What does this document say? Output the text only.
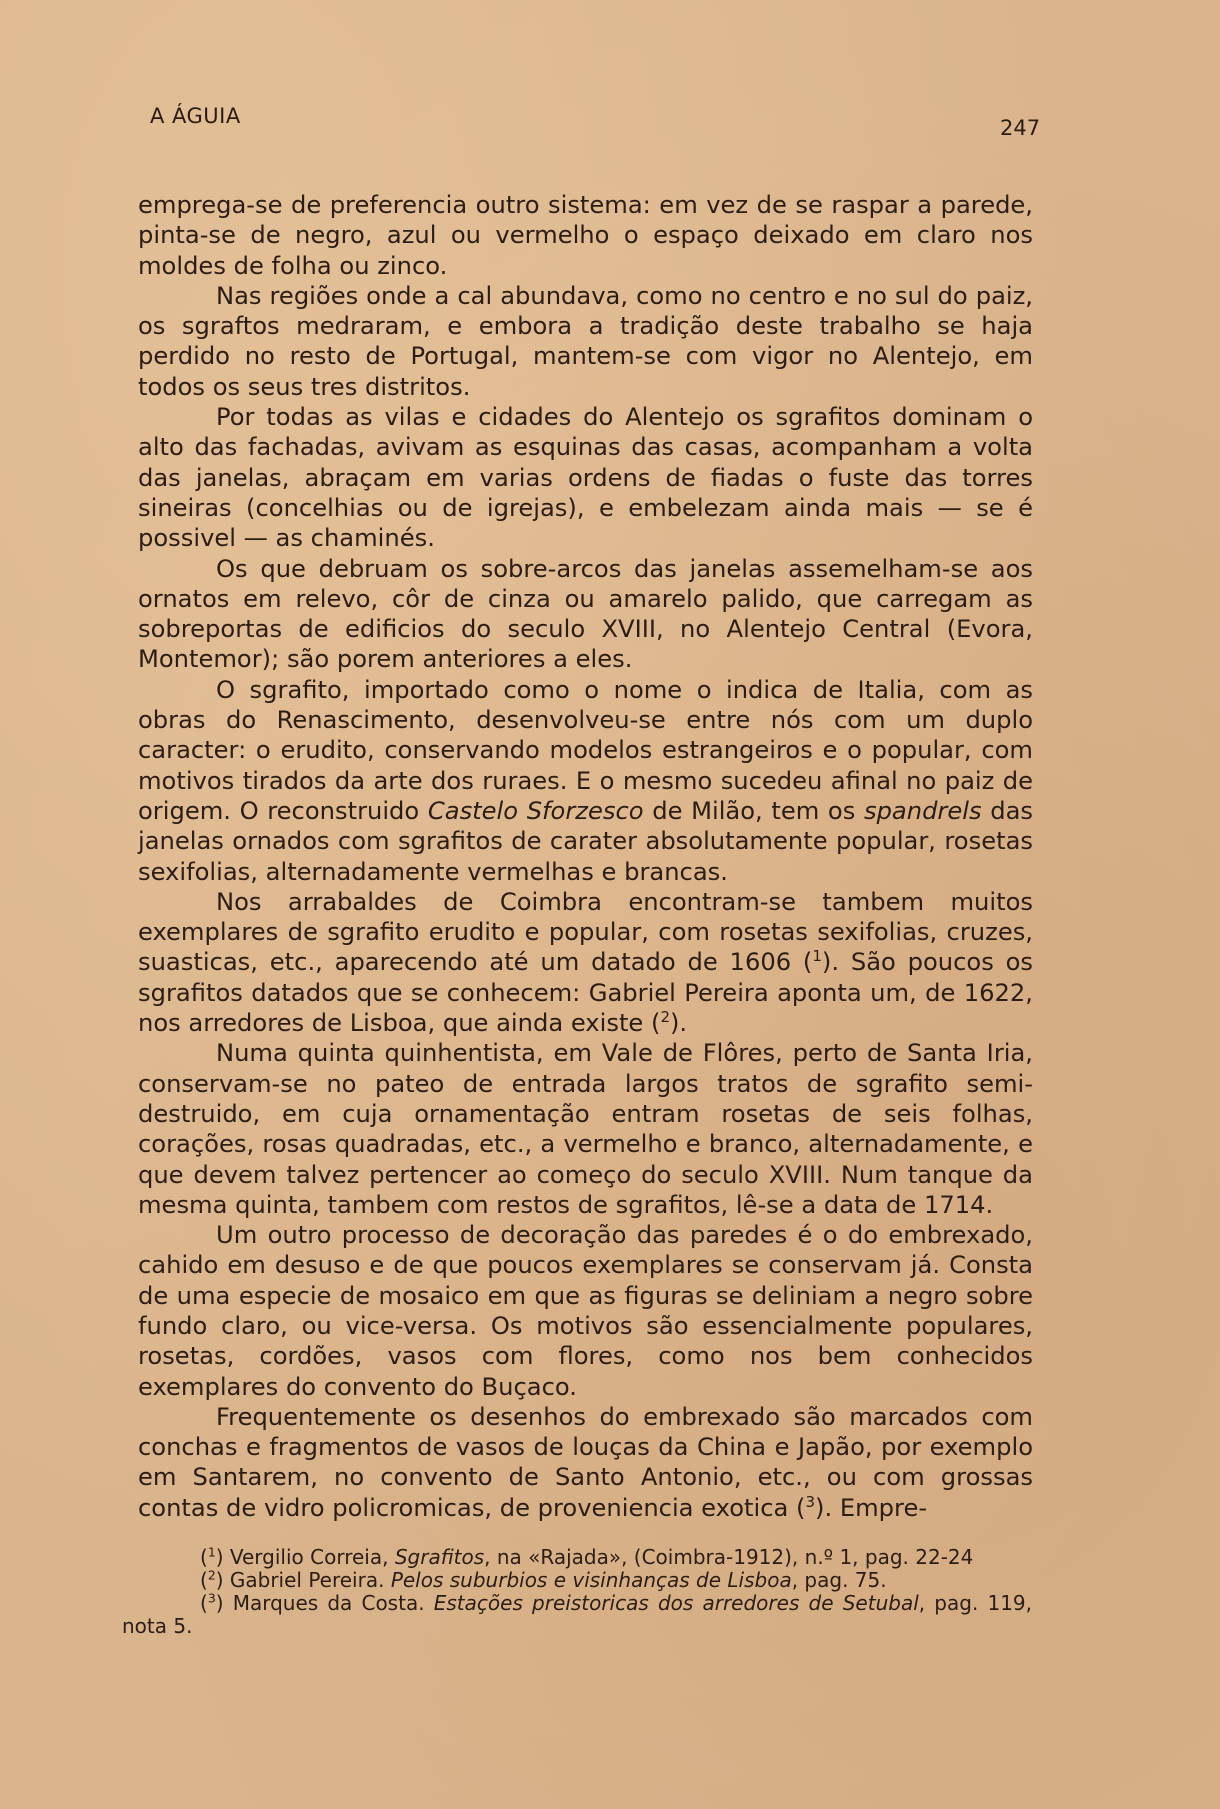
A ÁGUIA	247

emprega-se de preferencia outro sistema: em vez de se raspar a parede, pinta-se de negro, azul ou vermelho o espaço deixado em claro nos moldes de folha ou zinco.

Nas regiões onde a cal abundava, como no centro e no sul do paiz, os sgraftos medraram, e embora a tradição deste trabalho se haja perdido no resto de Portugal, mantem-se com vigor no Alentejo, em todos os seus tres distritos.

Por todas as vilas e cidades do Alentejo os sgrafitos dominam o alto das fachadas, avivam as esquinas das casas, acompanham a volta das janelas, abraçam em varias ordens de fiadas o fuste das torres sineiras (concelhias ou de igrejas), e embelezam ainda mais — se é possivel — as chaminés.

Os que debruam os sobre-arcos das janelas assemelham-se aos ornatos em relevo, côr de cinza ou amarelo palido, que carregam as sobreportas de edificios do seculo XVIII, no Alentejo Central (Evora, Montemor); são porem anteriores a eles.

O sgrafito, importado como o nome o indica de Italia, com as obras do Renascimento, desenvolveu-se entre nós com um duplo caracter: o erudito, conservando modelos estrangeiros e o popular, com motivos tirados da arte dos ruraes. E o mesmo sucedeu afinal no paiz de origem. O reconstruido Castelo Sforzesco de Milão, tem os spandrels das janelas ornados com sgrafitos de carater absolutamente popular, rosetas sexifolias, alternadamente vermelhas e brancas.

Nos arrabaldes de Coimbra encontram-se tambem muitos exemplares de sgrafito erudito e popular, com rosetas sexifolias, cruzes, suasticas, etc., aparecendo até um datado de 1606 ($^1$). São poucos os sgrafitos datados que se conhecem: Gabriel Pereira aponta um, de 1622, nos arredores de Lisboa, que ainda existe ($^2$).

Numa quinta quinhentista, em Vale de Flôres, perto de Santa Iria, conservam-se no pateo de entrada largos tratos de sgrafito semi-destruido, em cuja ornamentação entram rosetas de seis folhas, corações, rosas quadradas, etc., a vermelho e branco, alternadamente, e que devem talvez pertencer ao começo do seculo XVIII. Num tanque da mesma quinta, tambem com restos de sgrafitos, lê-se a data de 1714.

Um outro processo de decoração das paredes é o do embrexado, cahido em desuso e de que poucos exemplares se conservam já. Consta de uma especie de mosaico em que as figuras se deliniam a negro sobre fundo claro, ou vice-versa. Os motivos são essencialmente populares, rosetas, cordões, vasos com flores, como nos bem conhecidos exemplares do convento do Buçaco.

Frequentemente os desenhos do embrexado são marcados com conchas e fragmentos de vasos de louças da China e Japão, por exemplo em Santarem, no convento de Santo Antonio, etc., ou com grossas contas de vidro policromicas, de proveniencia exotica ($^3$). Empre-

($^1$) Vergilio Correia, Sgrafitos, na «Rajada», (Coimbra-1912), n.º 1, pag. 22-24

($^2$) Gabriel Pereira. Pelos suburbios e visinhanças de Lisboa, pag. 75.

($^3$) Marques da Costa. Estações preistoricas dos arredores de Setubal, pag. 119, nota 5.
